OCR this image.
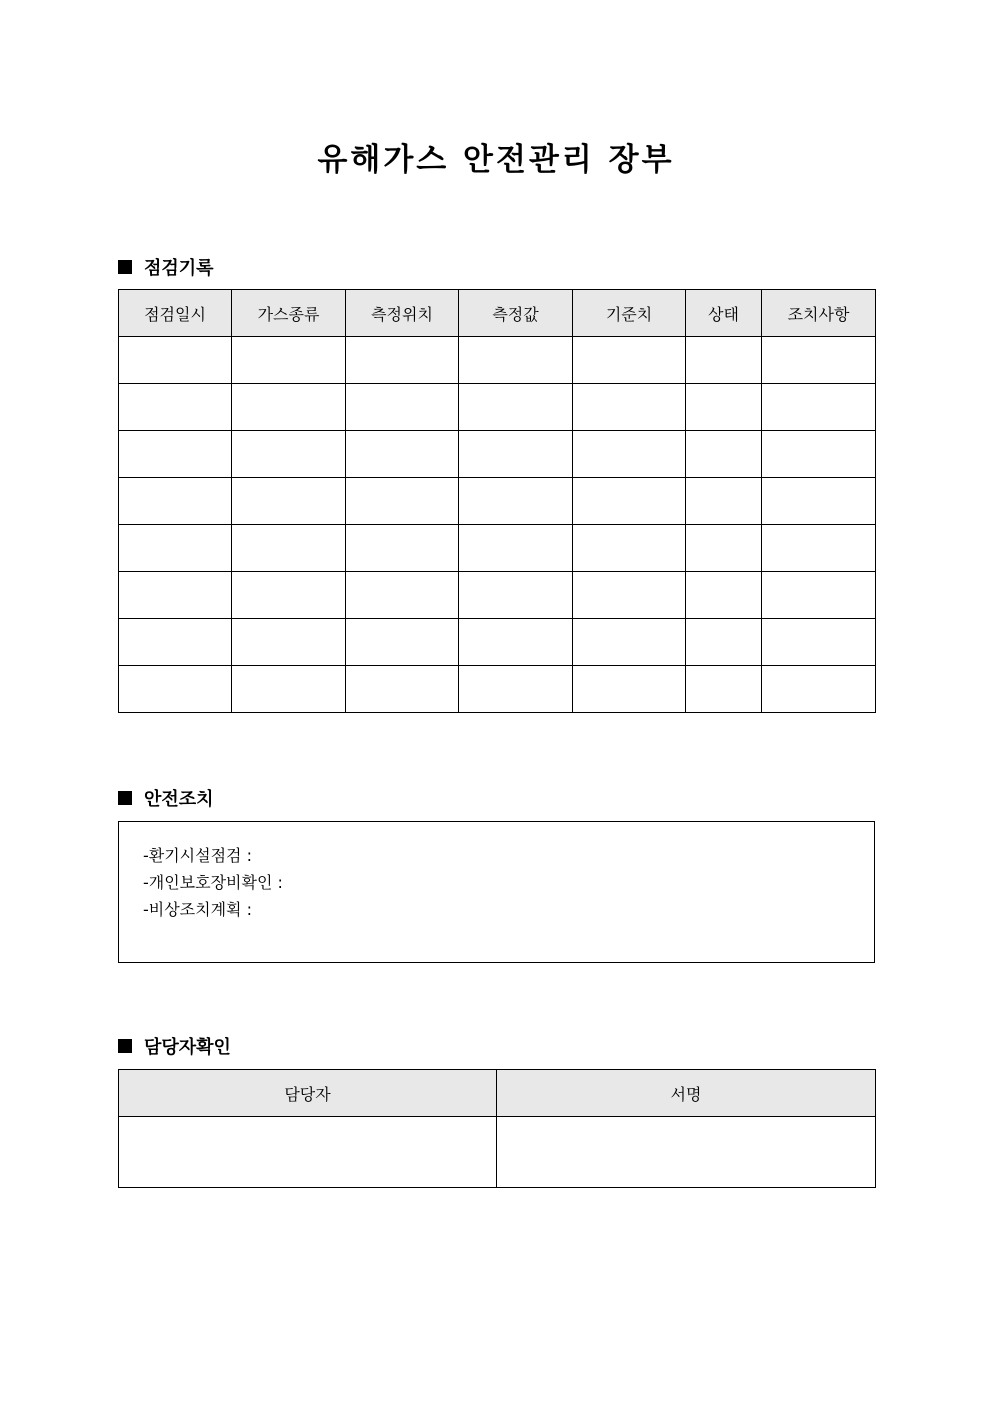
유해가스 안전관리 장부
점검기록
점검일시	가스종류	측정위치	측정값	기준치	상태	조치사항

안전조치
-환기시설점검 :
-개인보호장비확인 :
-비상조치계획 :
담당자확인
담당자	서명
